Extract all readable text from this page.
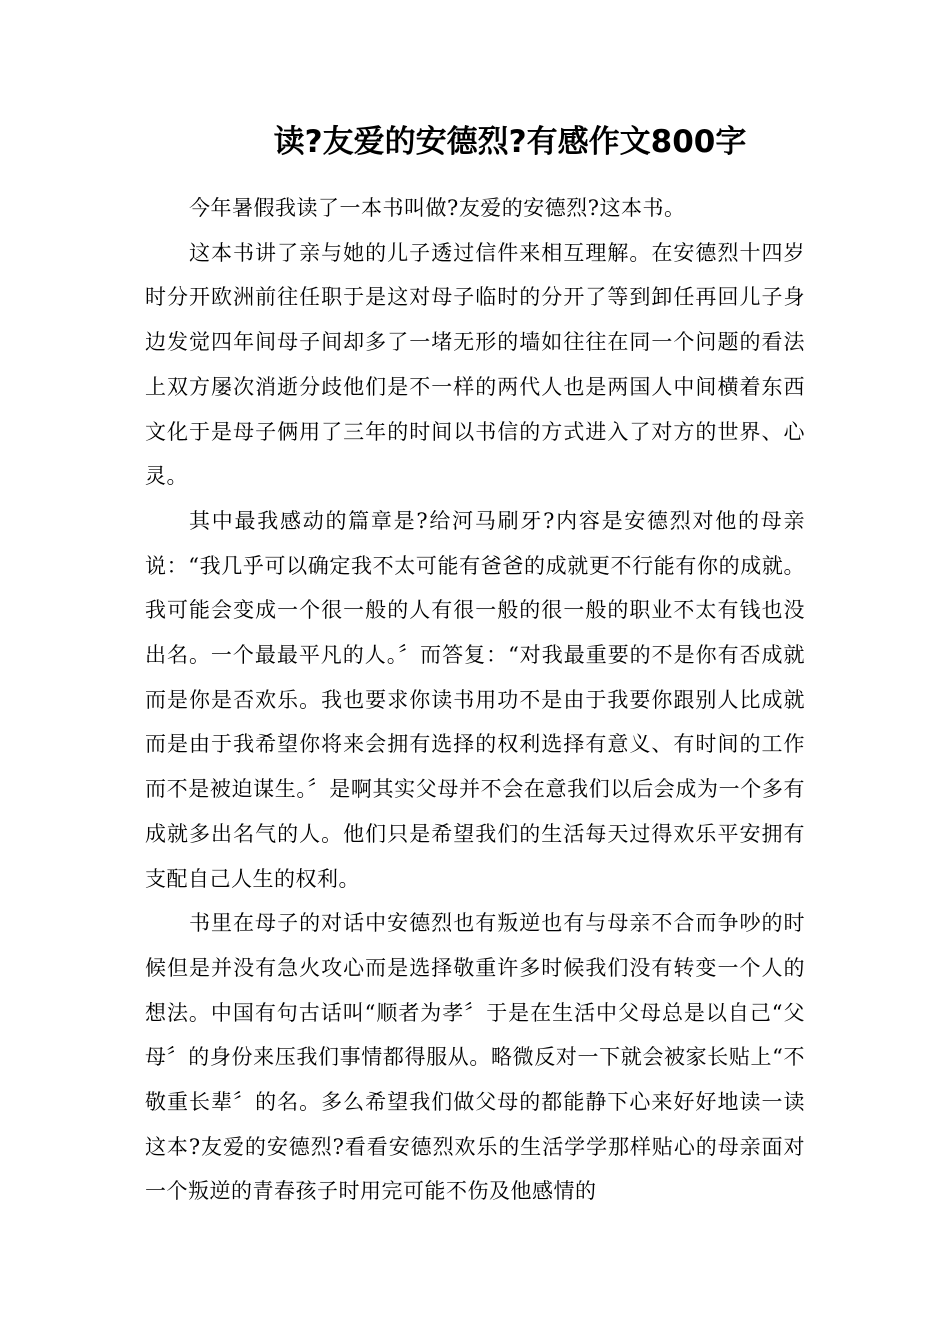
读?友爱的安德烈?有感作文800字

今年暑假我读了一本书叫做?友爱的安德烈?这本书。

这本书讲了亲与她的儿子透过信件来相互理解。在安德烈十四岁时分开欧洲前往任职于是这对母子临时的分开了等到卸任再回儿子身边发觉四年间母子间却多了一堵无形的墙如往往在同一个问题的看法上双方屡次消逝分歧他们是不一样的两代人也是两国人中间横着东西文化于是母子俩用了三年的时间以书信的方式进入了对方的世界、心灵。

其中最我感动的篇章是?给河马刷牙?内容是安德烈对他的母亲说：“我几乎可以确定我不太可能有爸爸的成就更不行能有你的成就。我可能会变成一个很一般的人有很一般的很一般的职业不太有钱也没出名。一个最最平凡的人。〞而答复：“对我最重要的不是你有否成就而是你是否欢乐。我也要求你读书用功不是由于我要你跟别人比成就而是由于我希望你将来会拥有选择的权利选择有意义、有时间的工作而不是被迫谋生。〞是啊其实父母并不会在意我们以后会成为一个多有成就多出名气的人。他们只是希望我们的生活每天过得欢乐平安拥有支配自己人生的权利。

书里在母子的对话中安德烈也有叛逆也有与母亲不合而争吵的时候但是并没有急火攻心而是选择敬重许多时候我们没有转变一个人的想法。中国有句古话叫“顺者为孝〞于是在生活中父母总是以自己“父母〞的身份来压我们事情都得服从。略微反对一下就会被家长贴上“不敬重长辈〞的名。多么希望我们做父母的都能静下心来好好地读一读这本?友爱的安德烈?看看安德烈欢乐的生活学学那样贴心的母亲面对一个叛逆的青春孩子时用完可能不伤及他感情的
